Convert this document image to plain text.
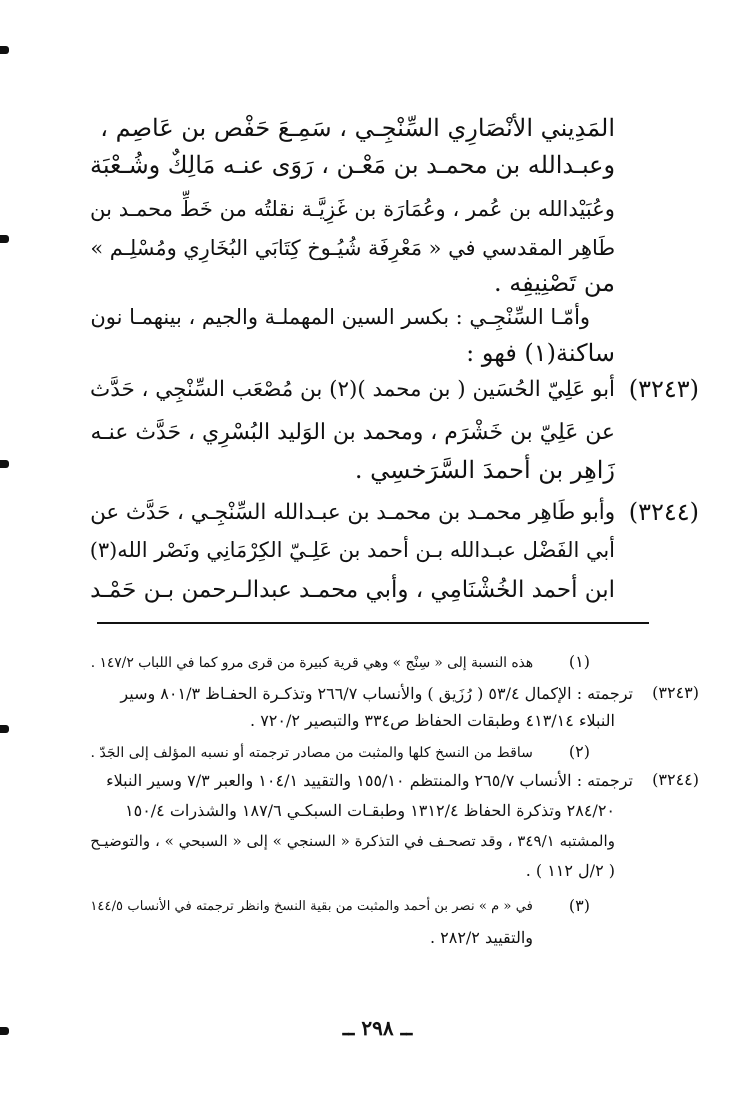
المَدِيني الأنْصَارِي السِّنْجِـي ، سَمِـعَ حَفْص بن عَاصِم ،
وعبـدالله بن محمـد بن مَعْـن ، رَوَى عنـه مَالِكٌ وشُـعْبَة
وعُبَيْدالله بن عُمر ، وعُمَارَة بن غَزِيَّـة نقلتُه من خَطِّ محمـد بن
طَاهِر المقدسي في « مَعْرِفَة شُيُـوخ كِتَابَي البُخَارِي ومُسْلِـم »
من تَصْنِيفِه .
وأمّـا السِّنْجِـي : بكسر السين المهملـة والجيم ، بينهمـا نون
ساكنة(١) فهو :
(٣٢٤٣)
أبو عَلِيّ الحُسَين ( بن محمد )(٢) بن مُصْعَب السِّنْجِي ، حَدَّث
عن عَلِيّ بن خَشْرَم ، ومحمد بن الوَليد البُسْرِي ، حَدَّث عنـه
زَاهِر بن أحمدَ السَّرَخسِي .
(٣٢٤٤)
وأبو طَاهِر محمـد بن محمـد بن عبـدالله السِّنْجِـي ، حَدَّث عن
أبي الفَضْل عبـدالله بـن أحمد بن عَلِـيّ الكِرْمَانِي ونَصْر الله(٣)
ابن أحمد الخُشْنَامِي ، وأبي محمـد عبدالـرحمن بـن حَمْـد
(١)
هذه النسبة إلى « سِنْج » وهي قرية كبيرة من قرى مرو كما في اللباب ١٤٧/٢ .
(٣٢٤٣)
ترجمته : الإكمال ٥٣/٤ ( رُزَيق ) والأنساب ٢٦٦/٧ وتذكـرة الحفـاظ ٨٠١/٣ وسير
النبلاء ٤١٣/١٤ وطبقات الحفاظ ص٣٣٤ والتبصير ٧٢٠/٢ .
(٢)
ساقط من النسخ كلها والمثبت من مصادر ترجمته أو نسبه المؤلف إلى الجَدّ .
(٣٢٤٤)
ترجمته : الأنساب ٢٦٥/٧ والمنتظم ١٥٥/١٠ والتقييد ١٠٤/١ والعبر ٧/٣ وسير النبلاء
٢٨٤/٢٠ وتذكرة الحفاظ ١٣١٢/٤ وطبقـات السبكـي ١٨٧/٦ والشذرات ١٥٠/٤
والمشتبه ٣٤٩/١ ، وقد تصحـف في التذكرة « السنجي » إلى « السبحي » ، والتوضيـح
( ٢/ل ١١٢ ) .
(٣)
في « م » نصر بن أحمد والمثبت من بقية النسخ وانظر ترجمته في الأنساب ١٤٤/٥
والتقييد ٢٨٢/٢ .
ــ ٢٩٨ ــ
